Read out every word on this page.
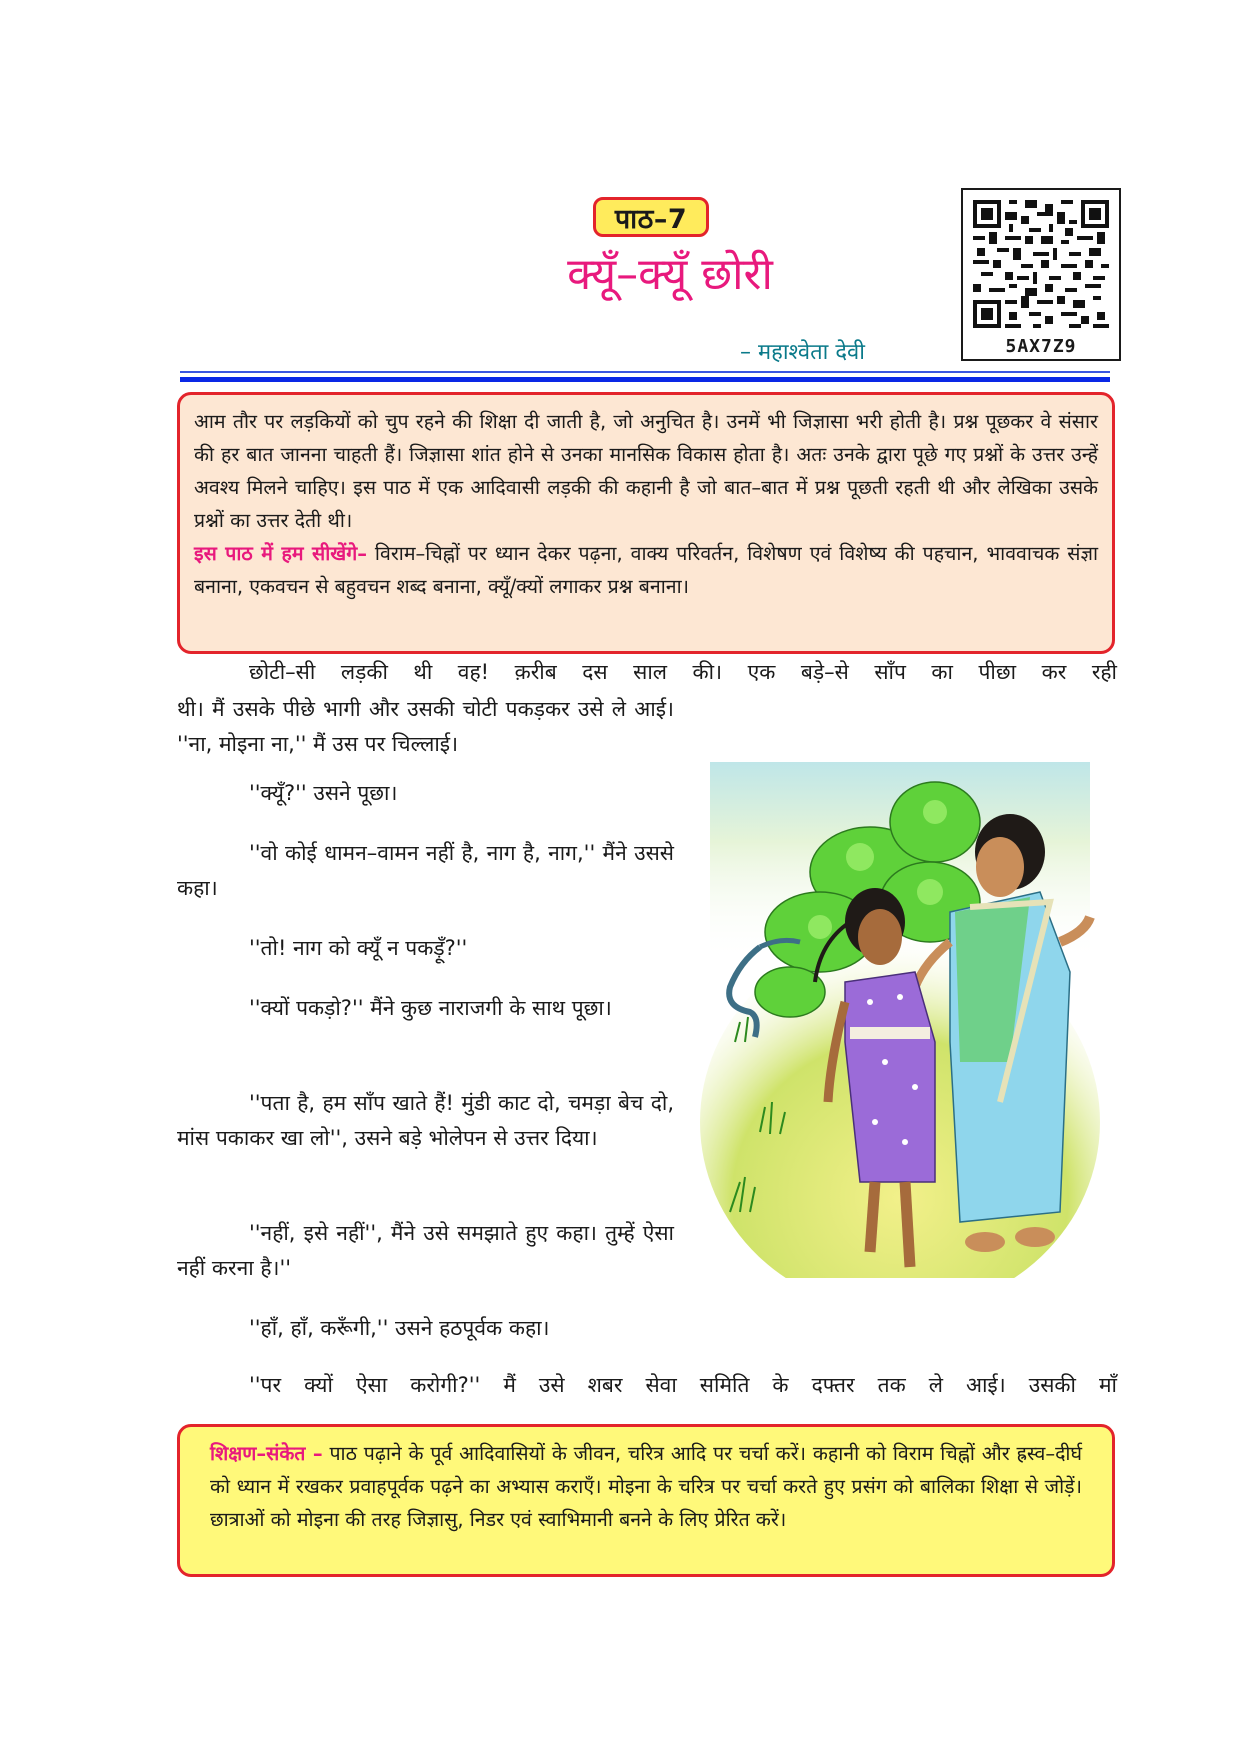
पाठ–7
क्यूँ–क्यूँ छोरी
– महाश्वेता देवी	5AX7Z9

आम तौर पर लड़कियों को चुप रहने की शिक्षा दी जाती है, जो अनुचित है। उनमें भी जिज्ञासा भरी होती है। प्रश्न पूछकर वे संसार की हर बात जानना चाहती हैं। जिज्ञासा शांत होने से उनका मानसिक विकास होता है। अतः उनके द्वारा पूछे गए प्रश्नों के उत्तर उन्हें अवश्य मिलने चाहिए। इस पाठ में एक आदिवासी लड़की की कहानी है जो बात–बात में प्रश्न पूछती रहती थी और लेखिका उसके प्रश्नों का उत्तर देती थी।

इस पाठ में हम सीखेंगे– विराम–चिह्नों पर ध्यान देकर पढ़ना, वाक्य परिवर्तन, विशेषण एवं विशेष्य की पहचान, भाववाचक संज्ञा बनाना, एकवचन से बहुवचन शब्द बनाना, क्यूँ/क्यों लगाकर प्रश्न बनाना।

छोटी–सी लड़की थी वह! क़रीब दस साल की। एक बड़े–से साँप का पीछा कर रही
थी। मैं उसके पीछे भागी और उसकी चोटी पकड़कर उसे ले आई। ''ना, मोइना ना,'' मैं उस पर चिल्लाई।
''क्यूँ?'' उसने पूछा।
''वो कोई धामन–वामन नहीं है, नाग है, नाग,'' मैंने उससे कहा।
''तो! नाग को क्यूँ न पकड़ूँ?''
''क्यों पकड़ो?'' मैंने कुछ नाराजगी के साथ पूछा।
''पता है, हम साँप खाते हैं! मुंडी काट दो, चमड़ा बेच दो, मांस पकाकर खा लो'', उसने बड़े भोलेपन से उत्तर दिया।
''नहीं, इसे नहीं'', मैंने उसे समझाते हुए कहा। तुम्हें ऐसा नहीं करना है।''
''हाँ, हाँ, करूँगी,'' उसने हठपूर्वक कहा।
''पर क्यों ऐसा करोगी?'' मैं उसे शबर सेवा समिति के दफ्तर तक ले आई। उसकी माँ
शिक्षण–संकेत – पाठ पढ़ाने के पूर्व आदिवासियों के जीवन, चरित्र आदि पर चर्चा करें। कहानी को विराम चिह्नों और ह्रस्व–दीर्घ को ध्यान में रखकर प्रवाहपूर्वक पढ़ने का अभ्यास कराएँ। मोइना के चरित्र पर चर्चा करते हुए प्रसंग को बालिका शिक्षा से जोड़ें। छात्राओं को मोइना की तरह जिज्ञासु, निडर एवं स्वाभिमानी बनने के लिए प्रेरित करें।
